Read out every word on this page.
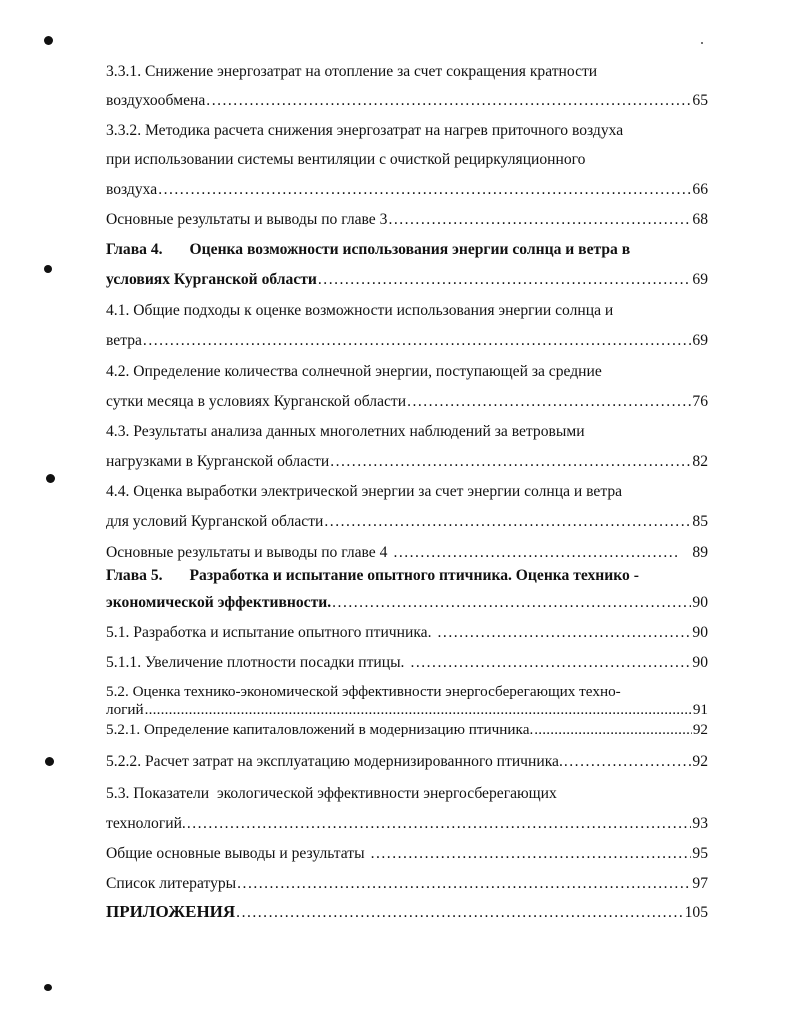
3.3.1. Снижение энергозатрат на отопление за счет сокращения кратности
воздухообмена .....	65
3.3.2. Методика расчета снижения энергозатрат на нагрев приточного воздуха
при использовании системы вентиляции с очисткой рециркуляционного
воздуха .....	66
Основные результаты и выводы по главе 3 .....	68
Глава 4. Оценка возможности использования энергии солнца и ветра в
условиях Курганской области .....	69
4.1. Общие подходы к оценке возможности использования энергии солнца и
ветра .....	69
4.2. Определение количества солнечной энергии, поступающей за средние
сутки месяца в условиях Курганской области .....	76
4.3. Результаты анализа данных многолетних наблюдений за ветровыми
нагрузками в Курганской области .....	82
4.4. Оценка выработки электрической энергии за счет энергии солнца и ветра
для условий Курганской области .....	85
Основные результаты и выводы по главе 4 .....	89
Глава 5. Разработка и испытание опытного птичника. Оценка технико -
экономической эффективности. .....	90
5.1. Разработка и испытание опытного птичника. .....	90
5.1.1. Увеличение плотности посадки птицы. .....	90
5.2. Оценка технико-экономической эффективности энергосберегающих техно-
логий .....	91
5.2.1. Определение капиталовложений в модернизацию птичника. .....	92
5.2.2. Расчет затрат на эксплуатацию модернизированного птичника. .....	92
5.3. Показатели  экологической эффективности энергосберегающих
технологий. .....	93
Общие основные выводы и результаты .....	95
Список литературы .....	97
ПРИЛОЖЕНИЯ .....	105
